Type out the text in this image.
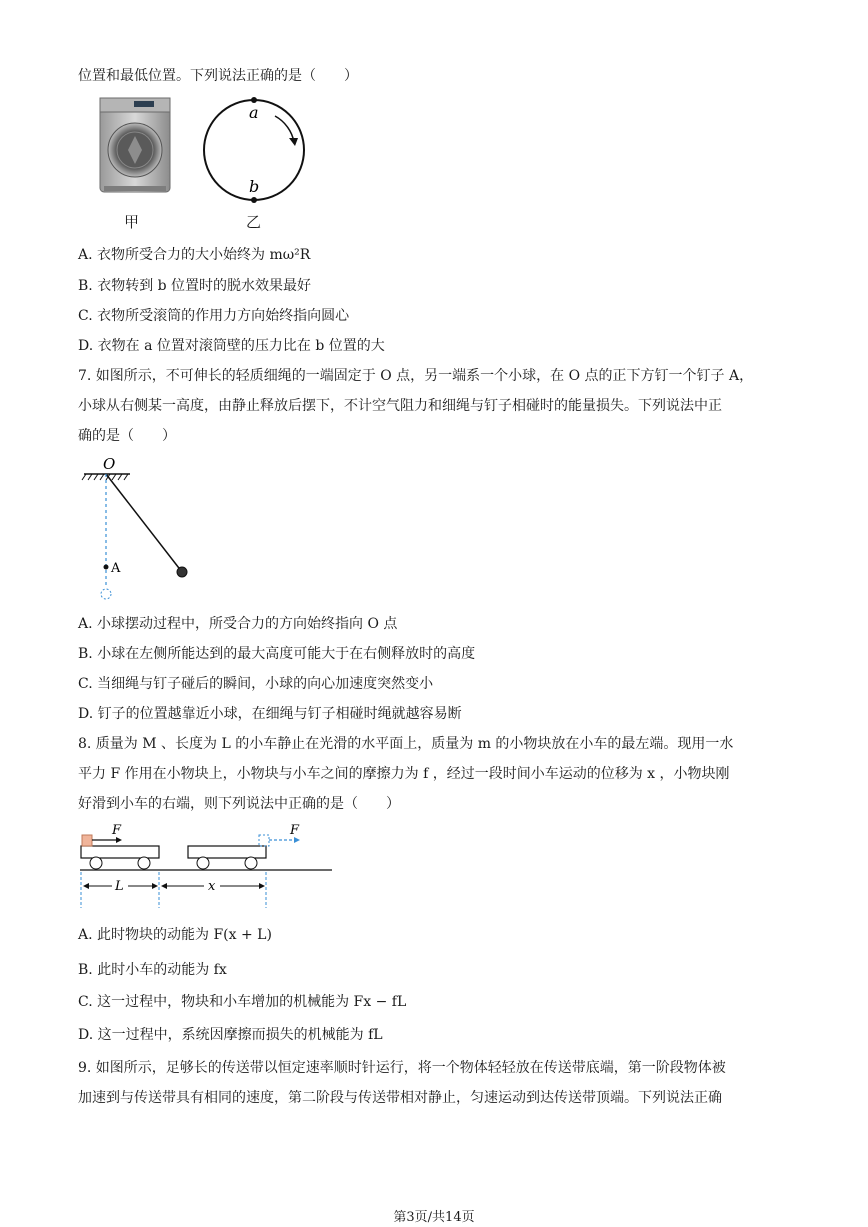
位置和最低位置。下列说法正确的是（　　）
a
b
甲	乙
A. 衣物所受合力的大小始终为 mω²R
B. 衣物转到 b 位置时的脱水效果最好
C. 衣物所受滚筒的作用力方向始终指向圆心
D. 衣物在 a 位置对滚筒壁的压力比在 b 位置的大
7. 如图所示，不可伸长的轻质细绳的一端固定于 O 点，另一端系一个小球，在 O 点的正下方钉一个钉子 A，
小球从右侧某一高度，由静止释放后摆下，不计空气阻力和细绳与钉子相碰时的能量损失。下列说法中正
确的是（　　）
O
A
A. 小球摆动过程中，所受合力的方向始终指向 O 点
B. 小球在左侧所能达到的最大高度可能大于在右侧释放时的高度
C. 当细绳与钉子碰后的瞬间，小球的向心加速度突然变小
D. 钉子的位置越靠近小球，在细绳与钉子相碰时绳就越容易断
8. 质量为 M 、长度为 L 的小车静止在光滑的水平面上，质量为 m 的小物块放在小车的最左端。现用一水
平力 F 作用在小物块上，小物块与小车之间的摩擦力为 f ，经过一段时间小车运动的位移为 x ，小物块刚
好滑到小车的右端，则下列说法中正确的是（　　）
F	F
L	x
A. 此时物块的动能为 F(x + L)
B. 此时小车的动能为 fx
C. 这一过程中，物块和小车增加的机械能为 Fx − fL
D. 这一过程中，系统因摩擦而损失的机械能为 fL
9. 如图所示，足够长的传送带以恒定速率顺时针运行，将一个物体轻轻放在传送带底端，第一阶段物体被
加速到与传送带具有相同的速度，第二阶段与传送带相对静止，匀速运动到达传送带顶端。下列说法正确
第3页/共14页
